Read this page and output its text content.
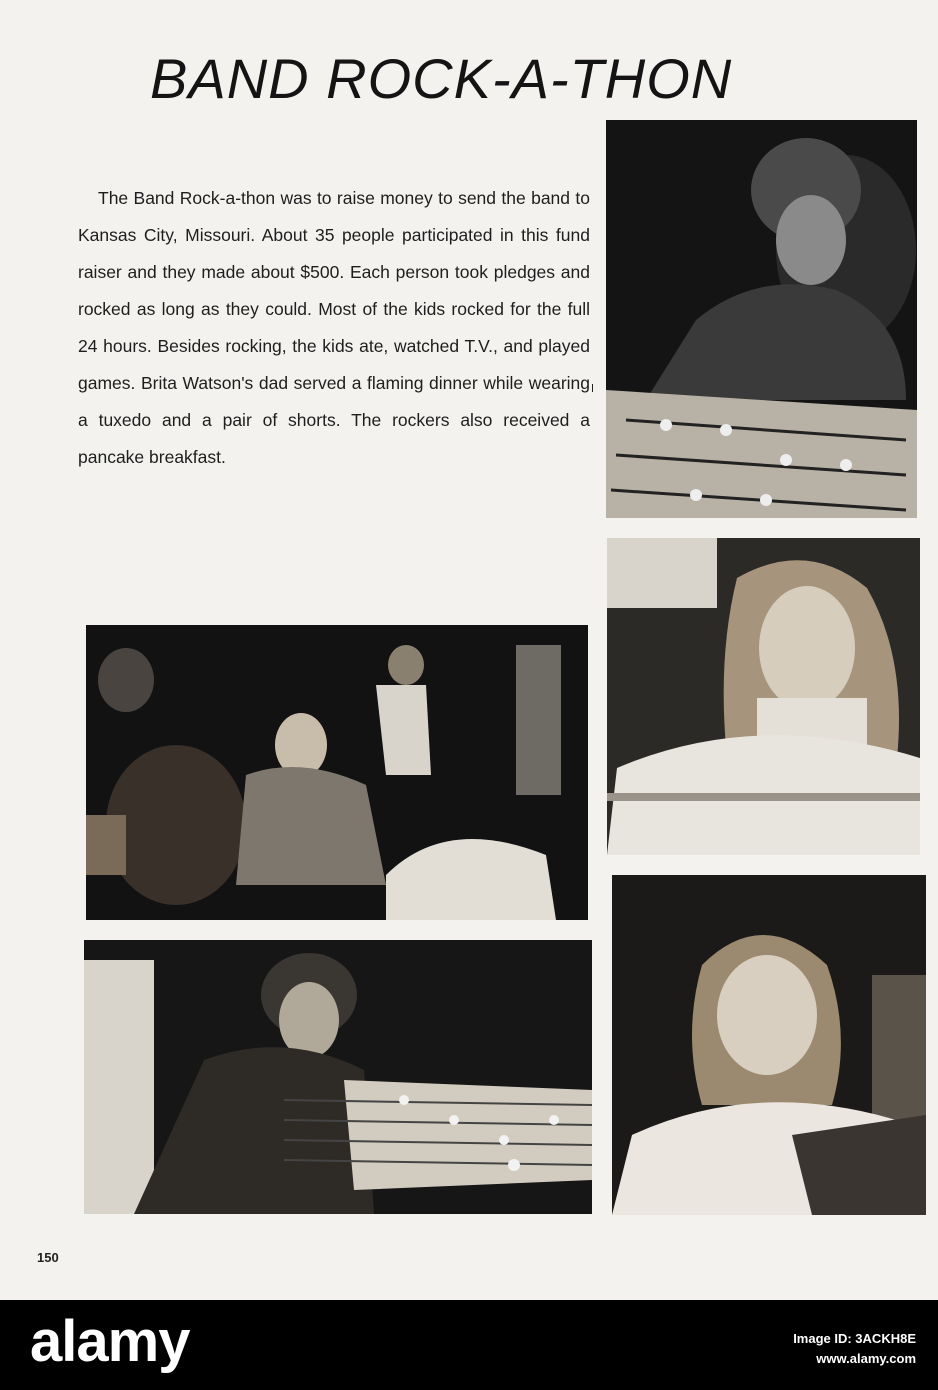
BAND ROCK-A-THON

The Band Rock-a-thon was to raise money to send the band to Kansas City, Missouri. About 35 people participated in this fund raiser and they made about $500. Each person took pledges and rocked as long as they could. Most of the kids rocked for the full 24 hours. Besides rocking, the kids ate, watched T.V., and played games. Brita Watson's dad served a flaming dinner while wearing a tuxedo and a pair of shorts. The rockers also received a pancake breakfast.

150
alamy	Image ID: 3ACKH8E
www.alamy.com
